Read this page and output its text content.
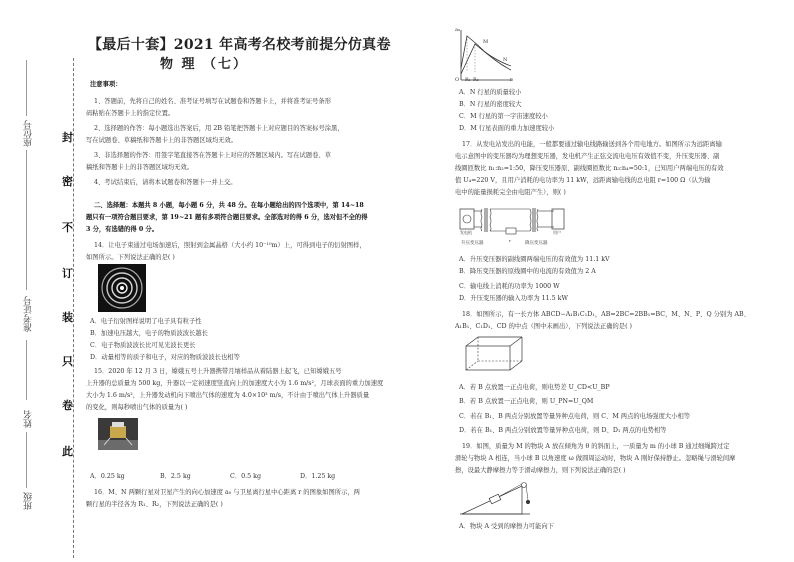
封
密
不
订
装
只
卷
此
座位号
准考证号
姓名
班级
【最后十套】2021 年高考名校考前提分仿真卷
物 理 （七）
注意事项：
1、答题前，先将自己的姓名、准考证号填写在试题卷和答题卡上，并将准考证号条形
码粘贴在答题卡上的指定位置。
2、选择题的作答：每小题选出答案后，用 2B 铅笔把答题卡上对应题目的答案标号涂黑，
写在试题卷、草稿纸和答题卡上的非答题区域均无效。
3、非选择题的作答：用签字笔直接答在答题卡上对应的答题区域内。写在试题卷、草
稿纸和答题卡上的非答题区域均无效。
4、考试结束后，请将本试题卷和答题卡一并上交。
二、选择题：本题共 8 小题，每小题 6 分，共 48 分。在每小题给出的四个选项中，第 14~18
题只有一项符合题目要求，第 19~21 题有多项符合题目要求。全部选对的得 6 分，选对但不全的得
3 分，有选错的得 0 分。
14．让电子束通过电场加速后，照射到金属晶格（大小约 10⁻¹⁰m）上，可得到电子的衍射图样，
如图所示。下列说法正确的是( )
A．电子衍射图样说明了电子具有粒子性
B．加速电压越大，电子的物质波波长越长
C．电子物质波波长比可见光波长更长
D．动量相等的质子和电子，对应的物质波波长也相等
15．2020 年 12 月 3 日，嫦娥五号上升器携带月壤样品从着陆器上起飞，已知嫦娥五号
上升器的总质量为 500 kg，升器以一定初速度竖直向上的加速度大小为 1.6 m/s²，月球表面的重力加速度
大小为 1.6 m/s²，上升器发动机向下喷出气体的速度为 4.0×10³ m/s，不计由于喷出气体上升器质量
的变化，则每秒喷出气体的质量为( )
A．0.25 kg	B．2.5 kg	C．0.5 kg	D．1.25 kg
16．M、N 两颗行星对卫星产生的向心加速度 a₀ 与卫星离行星中心距离 r 的图象如图所示，两
颗行星的半径各为 R₁、R₂，下列说法正确的是( )
a₀
M
N
O R₁ R₂	r
A．N 行星的质量较小
B．N 行星的密度较大
C．M 行星的第一宇宙速度较小
D．M 行星表面的重力加速度较小
17．从发电站发出的电能，一般都要通过输电线路输送到各个用电地方。如图所示为远距离输
电示意图中的变压器均为理想变压器，发电机产生正弦交流电电压有效值不变，升压变压器、副
线圈匝数比 n₁:n₂=1:50，降压变压器原、副线圈匝数比 n₃:n₄=50:1，已知用户两端电压的有效
值 U₄=220 V，且用户消耗的电功率为 11 kW，远距离输电线的总电阻 r=100 Ω（认为输
电中的能量损耗完全由电阻产生），则( )
升压变压器	降压变压器
发电机	用户
r
A．升压变压器的副线圈两端电压的有效值为 11.1 kV
B．降压变压器的原线圈中的电流的有效值为 2 A
C．输电线上消耗的功率为 1000 W
D．升压变压器的输入功率为 11.5 kW
18．如图所示，有一长方体 ABCD−A₁B₁C₁D₁，AB=2BC=2BB₁=BC，M、N、P、Q 分别为 AB、
A₁B₁、C₁D₁、CD 的中点（图中未画出），下列说法正确的是( )
A．若 B 点放置一正点电荷，则电势差 U_CD<U_BP
B．若 B 点放置一正点电荷，则 U_PN=U_QM
C．若在 B₁、B 两点分别放置等量异种点电荷，则 C、M 两点的电场强度大小相等
D．若在 B₁、B 两点分别放置等量异种点电荷，则 D、D₁ 两点的电势相等
19．如图，质量为 M 的物块 A 放在倾角为 θ 的斜面上，一质量为 m 的小球 B 通过细绳跨过定
滑轮与物块 A 相连，当小球 B 以角速度 ω 做圆周运动时，物块 A 刚好保持静止。忽略绳与滑轮间摩
擦，设最大静摩擦力等于滑动摩擦力，则下列说法正确的是( )
A．物块 A 受到的摩擦力可能向下
